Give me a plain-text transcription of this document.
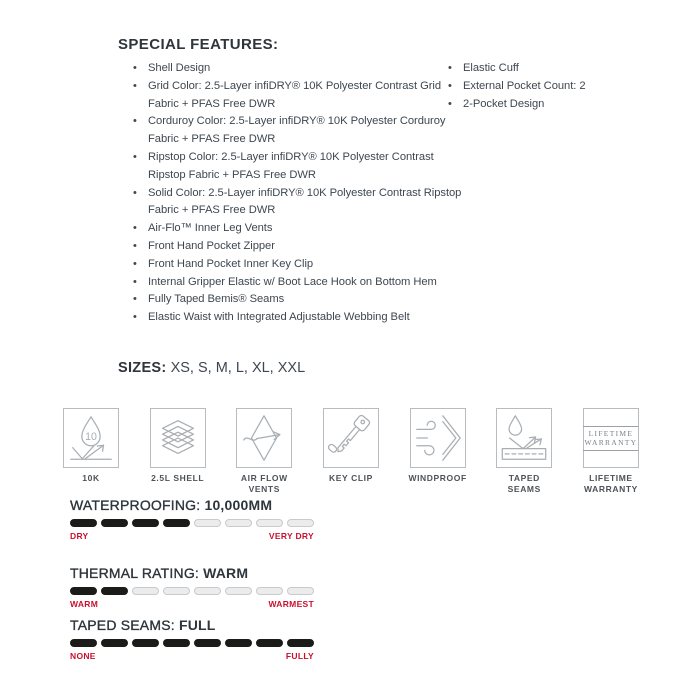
SPECIAL FEATURES:
• Shell Design
• Grid Color: 2.5-Layer infiDRY® 10K Polyester Contrast Grid Fabric + PFAS Free DWR
• Corduroy Color: 2.5-Layer infiDRY® 10K Polyester Corduroy Fabric + PFAS Free DWR
• Ripstop Color: 2.5-Layer infiDRY® 10K Polyester Contrast Ripstop Fabric + PFAS Free DWR
• Solid Color: 2.5-Layer infiDRY® 10K Polyester Contrast Ripstop Fabric + PFAS Free DWR
• Air-Flo™ Inner Leg Vents
• Front Hand Pocket Zipper
• Front Hand Pocket Inner Key Clip
• Internal Gripper Elastic w/ Boot Lace Hook on Bottom Hem
• Fully Taped Bemis® Seams
• Elastic Waist with Integrated Adjustable Webbing Belt
• Elastic Cuff
• External Pocket Count: 2
• 2-Pocket Design
SIZES: XS, S, M, L, XL, XXL
10
10K	2.5L SHELL	AIR FLOW VENTS
KEY CLIP	WINDPROOF	TAPED SEAMS
LIFETIME
WARRANTY
LIFETIME WARRANTY
WATERPROOFING: 10,000MM
DRY	VERY DRY
THERMAL RATING: WARM
WARM	WARMEST
TAPED SEAMS: FULL
NONE	FULLY
